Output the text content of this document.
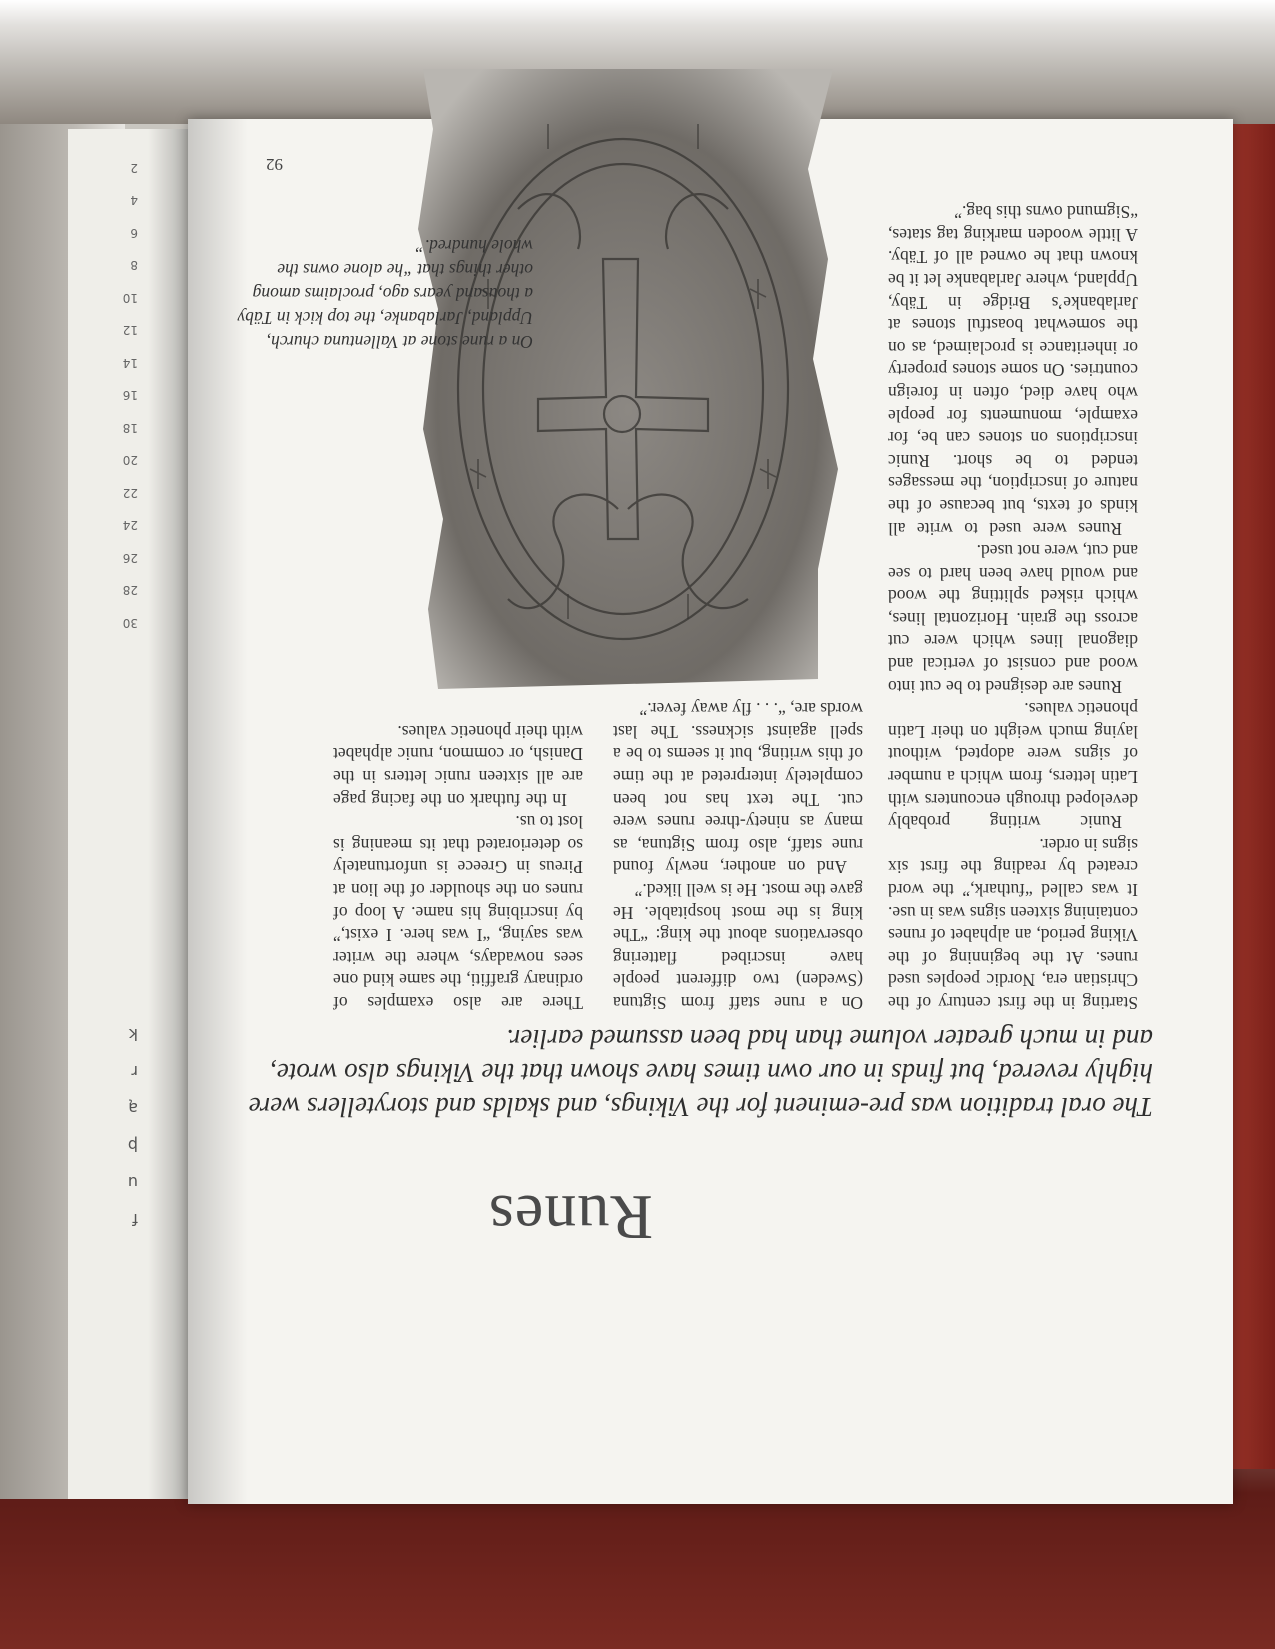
f
u
þ
ą
r
k
30
28
26
24
22
20
18
16
14
12
10
8
6
4
2
Runes

The oral tradition was pre-eminent for the Vikings, and skalds and storytellers were highly revered, but finds in our own times have shown that the Vikings also wrote, and in much greater volume than had been assumed earlier.

Starting in the first century of the Christian era, Nordic peoples used runes. At the beginning of the Viking period, an alphabet of runes containing sixteen signs was in use. It was called “futhark,” the word created by reading the first six signs in order.

Runic writing probably developed through encounters with Latin letters, from which a number of signs were adopted, without laying much weight on their Latin phonetic values.

Runes are designed to be cut into wood and consist of vertical and diagonal lines which were cut across the grain. Horizontal lines, which risked splitting the wood and would have been hard to see and cut, were not used.

Runes were used to write all kinds of texts, but because of the nature of inscription, the messages tended to be short. Runic inscriptions on stones can be, for example, monuments for people who have died, often in foreign countries. On some stones property or inheritance is proclaimed, as on the somewhat boastful stones at Jarlabanke’s Bridge in Täby, Uppland, where Jarlabanke let it be known that he owned all of Täby. A little wooden marking tag states, “Sigmund owns this bag.”

On a rune staff from Sigtuna (Sweden) two different people have inscribed flattering observations about the king: “The king is the most hospitable. He gave the most. He is well liked.”

And on another, newly found rune staff, also from Sigtuna, as many as ninety-three runes were cut. The text has not been completely interpreted at the time of this writing, but it seems to be a spell against sickness. The last words are, “. . . fly away fever.”

There are also examples of ordinary graffiti, the same kind one sees nowadays, where the writer was saying, “I was here. I exist,” by inscribing his name. A loop of runes on the shoulder of the lion at Pireus in Greece is unfortunately so deteriorated that its meaning is lost to us.

In the futhark on the facing page are all sixteen runic letters in the Danish, or common, runic alphabet with their phonetic values.

On a rune stone at Vallentuna church, Uppland, Jarlabanke, the top kick in Täby a thousand years ago, proclaims among other things that “he alone owns the whole hundred.”

92
